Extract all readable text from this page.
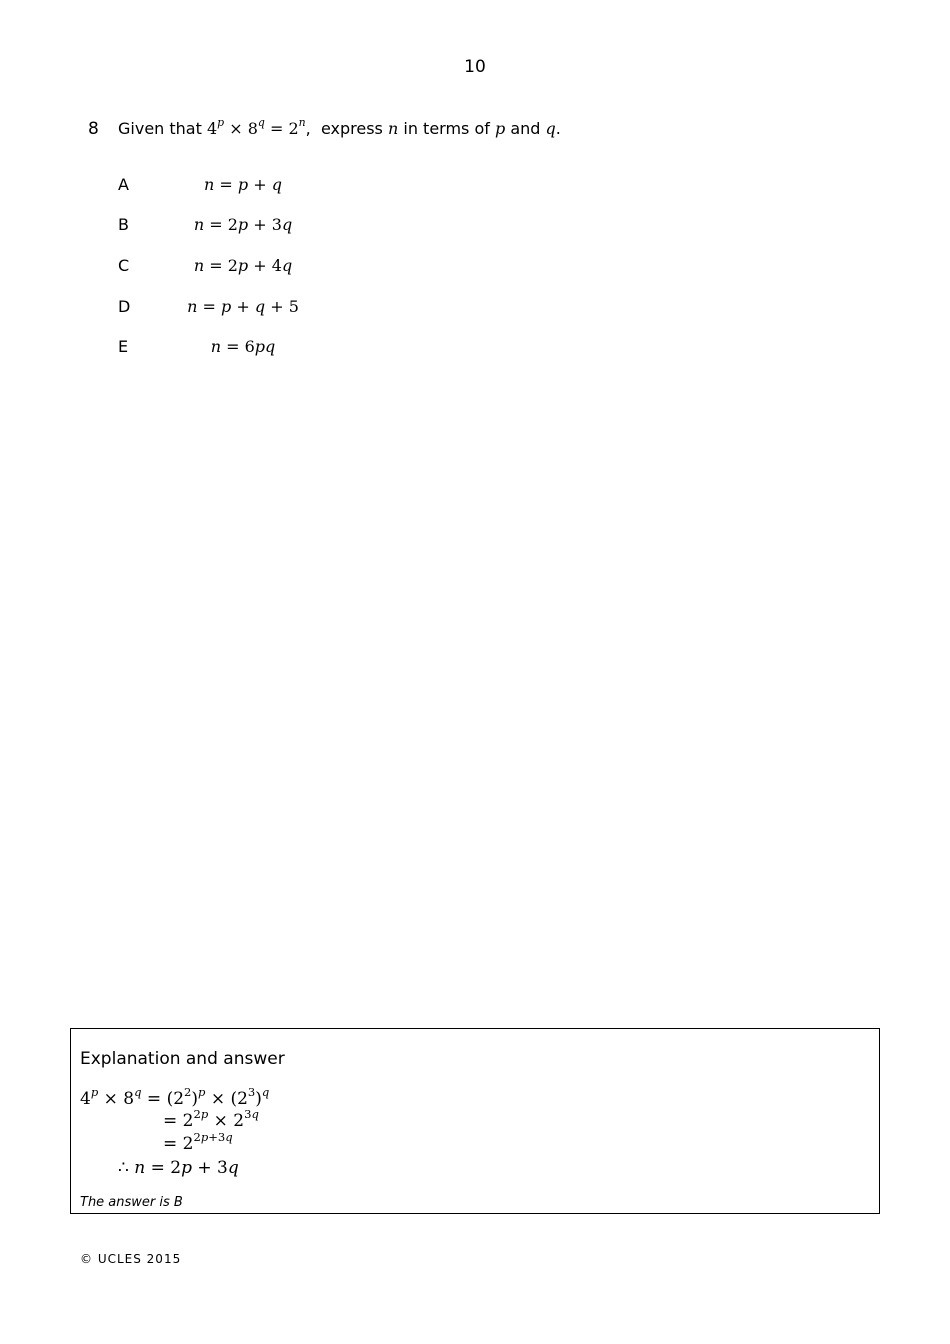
10
8 Given that $4^p \times 8^q = 2^n$,  express n in terms of p and q.
A	n = p + q
B	n = 2p + 3q
C	n = 2p + 4q
D	n = p + q + 5
E	n = 6pq
Explanation and answer
$4^p \times 8^q = (2^2)^p \times (2^3)^q$
= $2^{2p} \times 2^{3q}$
= $2^{2p+3q}$
∴ n = 2p + 3q
The answer is B
© UCLES 2015
